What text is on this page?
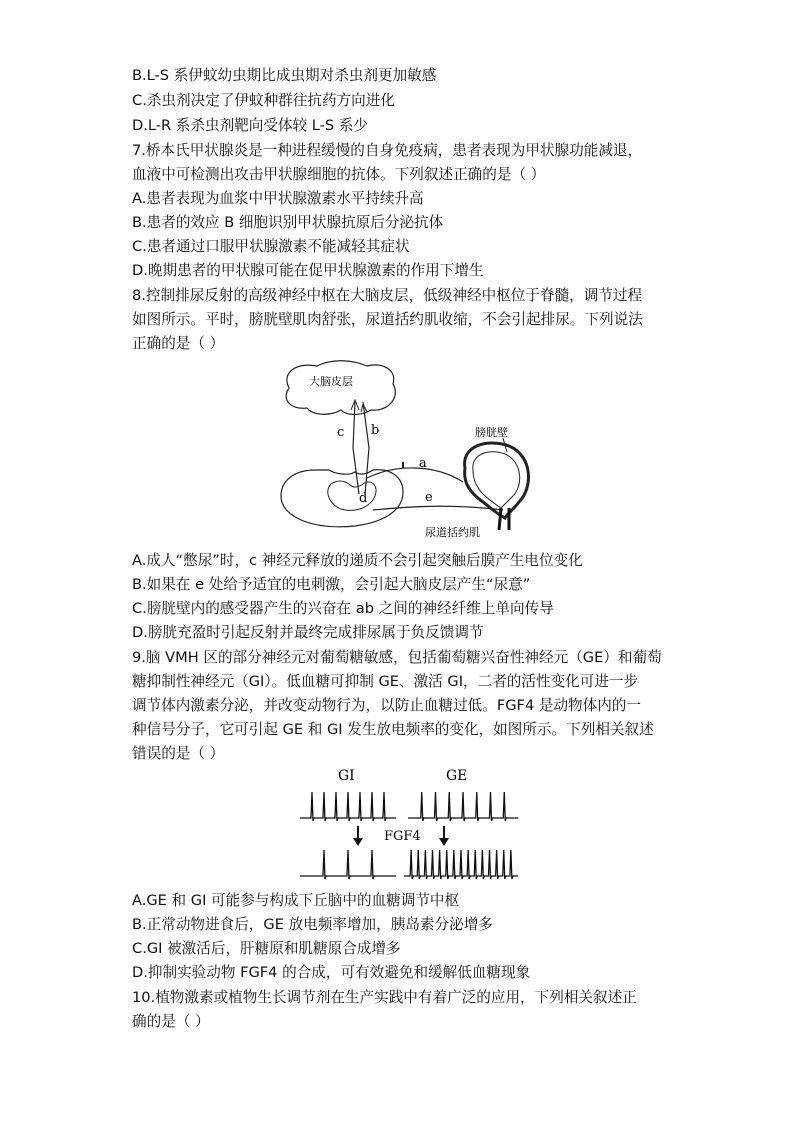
B.L-S 系伊蚊幼虫期比成虫期对杀虫剂更加敏感
C.杀虫剂决定了伊蚊种群往抗药方向进化
D.L-R 系杀虫剂靶向受体较 L-S 系少
7.桥本氏甲状腺炎是一种进程缓慢的自身免疫病，患者表现为甲状腺功能减退，
血液中可检测出攻击甲状腺细胞的抗体。下列叙述正确的是（ ）
A.患者表现为血浆中甲状腺激素水平持续升高
B.患者的效应 B 细胞识别甲状腺抗原后分泌抗体
C.患者通过口服甲状腺激素不能减轻其症状
D.晚期患者的甲状腺可能在促甲状腺激素的作用下增生
8.控制排尿反射的高级神经中枢在大脑皮层，低级神经中枢位于脊髓，调节过程
如图所示。平时，膀胱壁肌肉舒张，尿道括约肌收缩，不会引起排尿。下列说法
正确的是（ ）
A.成人“憋尿”时，c 神经元释放的递质不会引起突触后膜产生电位变化
B.如果在 e 处给予适宜的电刺激，会引起大脑皮层产生“尿意”
C.膀胱壁内的感受器产生的兴奋在 ab 之间的神经纤维上单向传导
D.膀胱充盈时引起反射并最终完成排尿属于负反馈调节
9.脑 VMH 区的部分神经元对葡萄糖敏感，包括葡萄糖兴奋性神经元（GE）和葡萄
糖抑制性神经元（GI）。低血糖可抑制 GE、激活 GI，二者的活性变化可进一步
调节体内激素分泌，并改变动物行为，以防止血糖过低。FGF4 是动物体内的一
种信号分子，它可引起 GE 和 GI 发生放电频率的变化，如图所示。下列相关叙述
错误的是（ ）
A.GE 和 GI 可能参与构成下丘脑中的血糖调节中枢
B.正常动物进食后，GE 放电频率增加，胰岛素分泌增多
C.GI 被激活后，肝糖原和肌糖原合成增多
D.抑制实验动物 FGF4 的合成，可有效避免和缓解低血糖现象
10.植物激素或植物生长调节剂在生产实践中有着广泛的应用，下列相关叙述正
确的是（ ）
大脑皮层
c b
d
a
e
膀胱壁
尿道括约肌
GI	GE
FGF4
